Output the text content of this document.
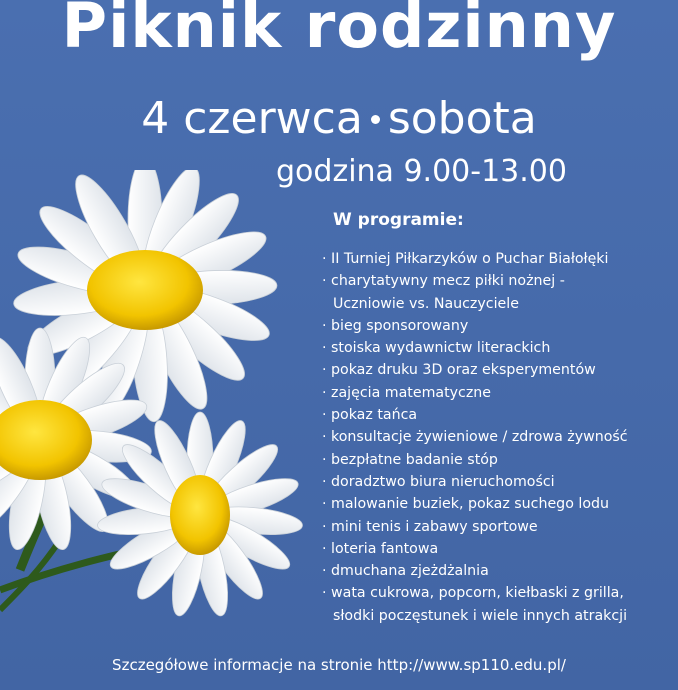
Piknik rodzinny
4 czerwca sobota
godzina 9.00-13.00
W programie:
· II Turniej Piłkarzyków o Puchar Białołęki
· charytatywny mecz piłki nożnej -
Uczniowie vs. Nauczyciele
· bieg sponsorowany
· stoiska wydawnictw literackich
· pokaz druku 3D oraz eksperymentów
· zajęcia matematyczne
· pokaz tańca
· konsultacje żywieniowe / zdrowa żywność
· bezpłatne badanie stóp
· doradztwo biura nieruchomości
· malowanie buziek, pokaz suchego lodu
· mini tenis i zabawy sportowe
· loteria fantowa
· dmuchana zjeżdżalnia
· wata cukrowa, popcorn, kiełbaski z grilla,
słodki poczęstunek i wiele innych atrakcji
Szczegółowe informacje na stronie http://www.sp110.edu.pl/
